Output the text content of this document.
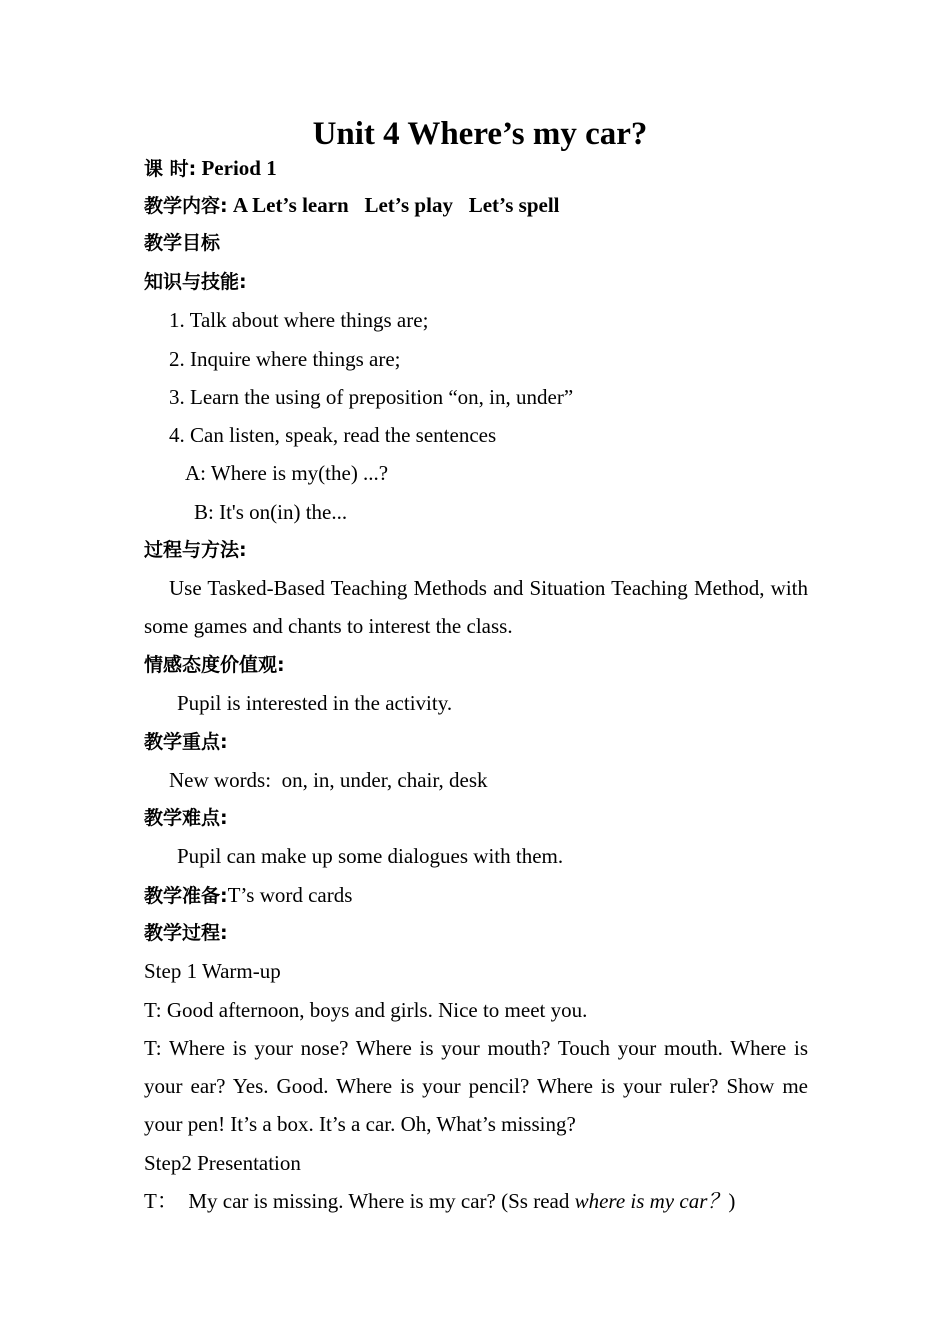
Unit 4 Where’s my car?
课 时: Period 1
教学内容: A Let’s learn   Let’s play   Let’s spell
教学目标
知识与技能:
1. Talk about where things are;
2. Inquire where things are;
3. Learn the using of preposition “on, in, under”
4. Can listen, speak, read the sentences
A: Where is my(the) ...?
B: It's on(in) the...
过程与方法:
Use Tasked-Based Teaching Methods and Situation Teaching Method, with some games and chants to interest the class.
情感态度价值观:
Pupil is interested in the activity.
教学重点:
New words:  on, in, under, chair, desk
教学难点:
Pupil can make up some dialogues with them.
教学准备:T’s word cards
教学过程:
Step 1 Warm-up
T: Good afternoon, boys and girls. Nice to meet you.
T: Where is your nose? Where is your mouth? Touch your mouth. Where is your ear? Yes. Good. Where is your pencil? Where is your ruler? Show me your pen! It’s a box. It’s a car. Oh, What’s missing?
Step2 Presentation
T：  My car is missing. Where is my car? (Ss read where is my car？)
